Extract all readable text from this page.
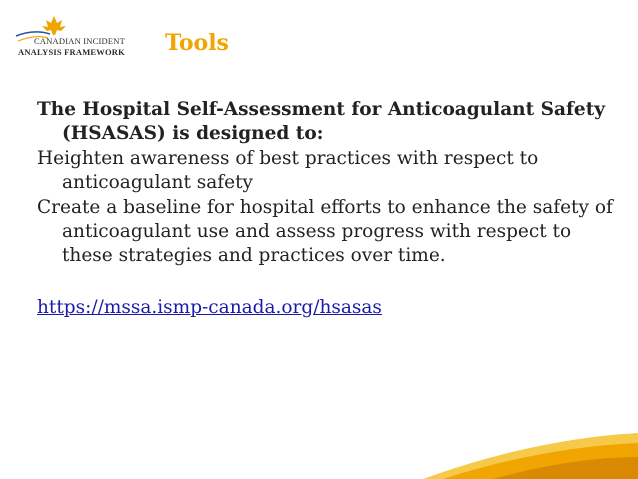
CANADIAN INCIDENT
ANALYSIS FRAMEWORK Tools

The Hospital Self-Assessment for Anticoagulant Safety (HSASAS) is designed to:

Heighten awareness of best practices with respect to anticoagulant safety

Create a baseline for hospital efforts to enhance the safety of anticoagulant use and assess progress with respect to these strategies and practices over time.

https://mssa.ismp-canada.org/hsasas
